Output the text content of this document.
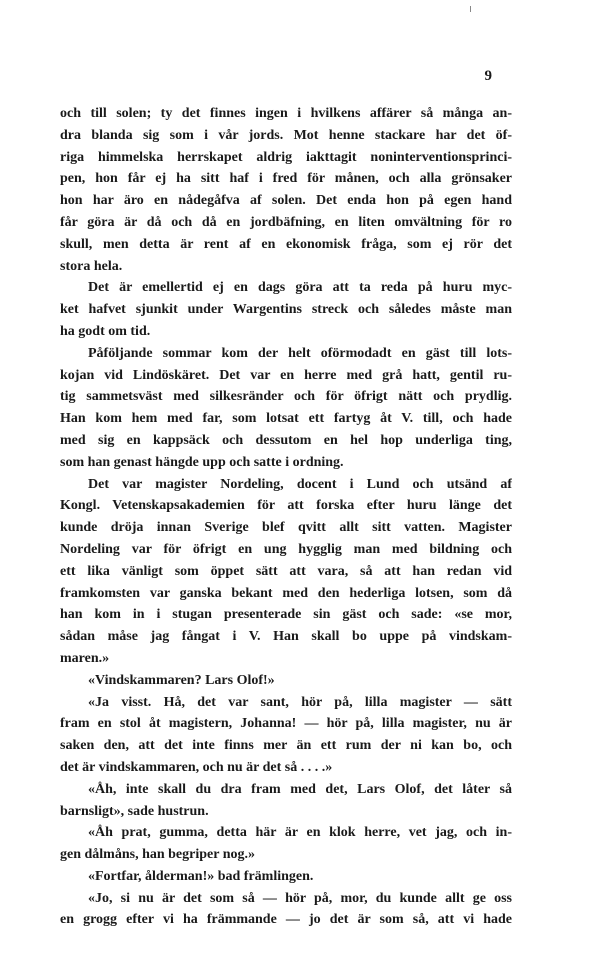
9
och till solen; ty det finnes ingen i hvilkens affärer så många an-
dra blanda sig som i vår jords. Mot henne stackare har det öf-
riga himmelska herrskapet aldrig iakttagit noninterventionsprinci-
pen, hon får ej ha sitt haf i fred för månen, och alla grönsaker
hon har äro en nådegåfva af solen. Det enda hon på egen hand
får göra är då och då en jordbäfning, en liten omvältning för ro
skull, men detta är rent af en ekonomisk fråga, som ej rör det
stora hela.
Det är emellertid ej en dags göra att ta reda på huru myc-
ket hafvet sjunkit under Wargentins streck och således måste man
ha godt om tid.
Påföljande sommar kom der helt oförmodadt en gäst till lots-
kojan vid Lindöskäret. Det var en herre med grå hatt, gentil ru-
tig sammetsväst med silkesränder och för öfrigt nätt och prydlig.
Han kom hem med far, som lotsat ett fartyg åt V. till, och hade
med sig en kappsäck och dessutom en hel hop underliga ting,
som han genast hängde upp och satte i ordning.
Det var magister Nordeling, docent i Lund och utsänd af
Kongl. Vetenskapsakademien för att forska efter huru länge det
kunde dröja innan Sverige blef qvitt allt sitt vatten. Magister
Nordeling var för öfrigt en ung hygglig man med bildning och
ett lika vänligt som öppet sätt att vara, så att han redan vid
framkomsten var ganska bekant med den hederliga lotsen, som då
han kom in i stugan presenterade sin gäst och sade: «se mor,
sådan måse jag fångat i V. Han skall bo uppe på vindskam-
maren.»
«Vindskammaren? Lars Olof!»
«Ja visst. Hå, det var sant, hör på, lilla magister — sätt
fram en stol åt magistern, Johanna! — hör på, lilla magister, nu är
saken den, att det inte finns mer än ett rum der ni kan bo, och
det är vindskammaren, och nu är det så . . . .»
«Åh, inte skall du dra fram med det, Lars Olof, det låter så
barnsligt», sade hustrun.
«Åh prat, gumma, detta här är en klok herre, vet jag, och in-
gen dålmåns, han begriper nog.»
«Fortfar, ålderman!» bad främlingen.
«Jo, si nu är det som så — hör på, mor, du kunde allt ge oss
en grogg efter vi ha främmande — jo det är som så, att vi hade
